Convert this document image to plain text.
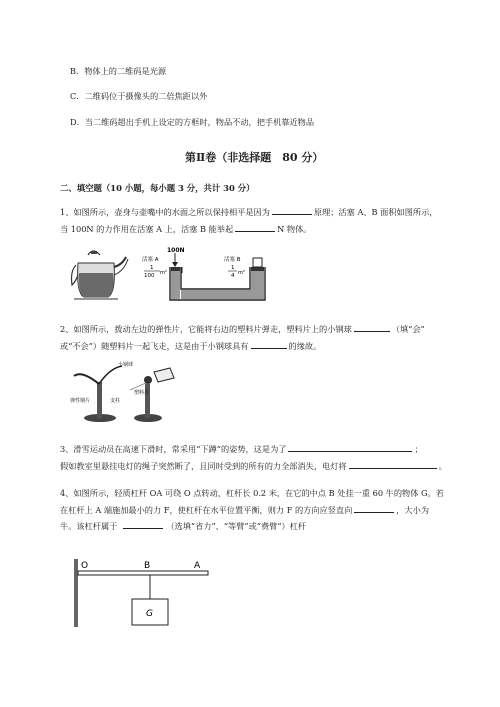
B．物体上的二维码是光源
C．二维码位于摄像头的二倍焦距以外
D．当二维码超出手机上设定的方框时，物品不动，把手机靠近物品
第Ⅱ卷（非选择题　80 分）
二、填空题（10 小题，每小题 3 分，共计 30 分）
1、如图所示，壶身与壶嘴中的水面之所以保持相平是因为	原理；活塞 A、B 面积如图所示，
当 100N 的力作用在活塞 A 上，活塞 B 能举起	N 物体。
100N
活塞 A
1
100 m²
活塞 B
1
4 m²
2、如图所示，拨动左边的弹性片，它能将右边的塑料片弹走，塑料片上的小钢球	（填“会”
或“不会”）随塑料片一起飞走，这是由于小钢球具有	的缘故。
小钢球
塑料片
弹性钢片	支柱
3、滑雪运动员在高速下滑时，常采用“下蹲”的姿势，这是为了	；
假如教室里悬挂电灯的绳子突然断了，且同时受到的所有的力全部消失，电灯将	。
4、如图所示，轻质杠杆 OA 可绕 O 点转动，杠杆长 0.2 米，在它的中点 B 处挂一重 60 牛的物体 G。若
在杠杆上 A 端施加最小的力 F，使杠杆在水平位置平衡，则力 F 的方向应竖直向	，大小为
牛。该杠杆属于	（选填“省力”、“等臂”或“费臂”）杠杆
O	B	A
G
